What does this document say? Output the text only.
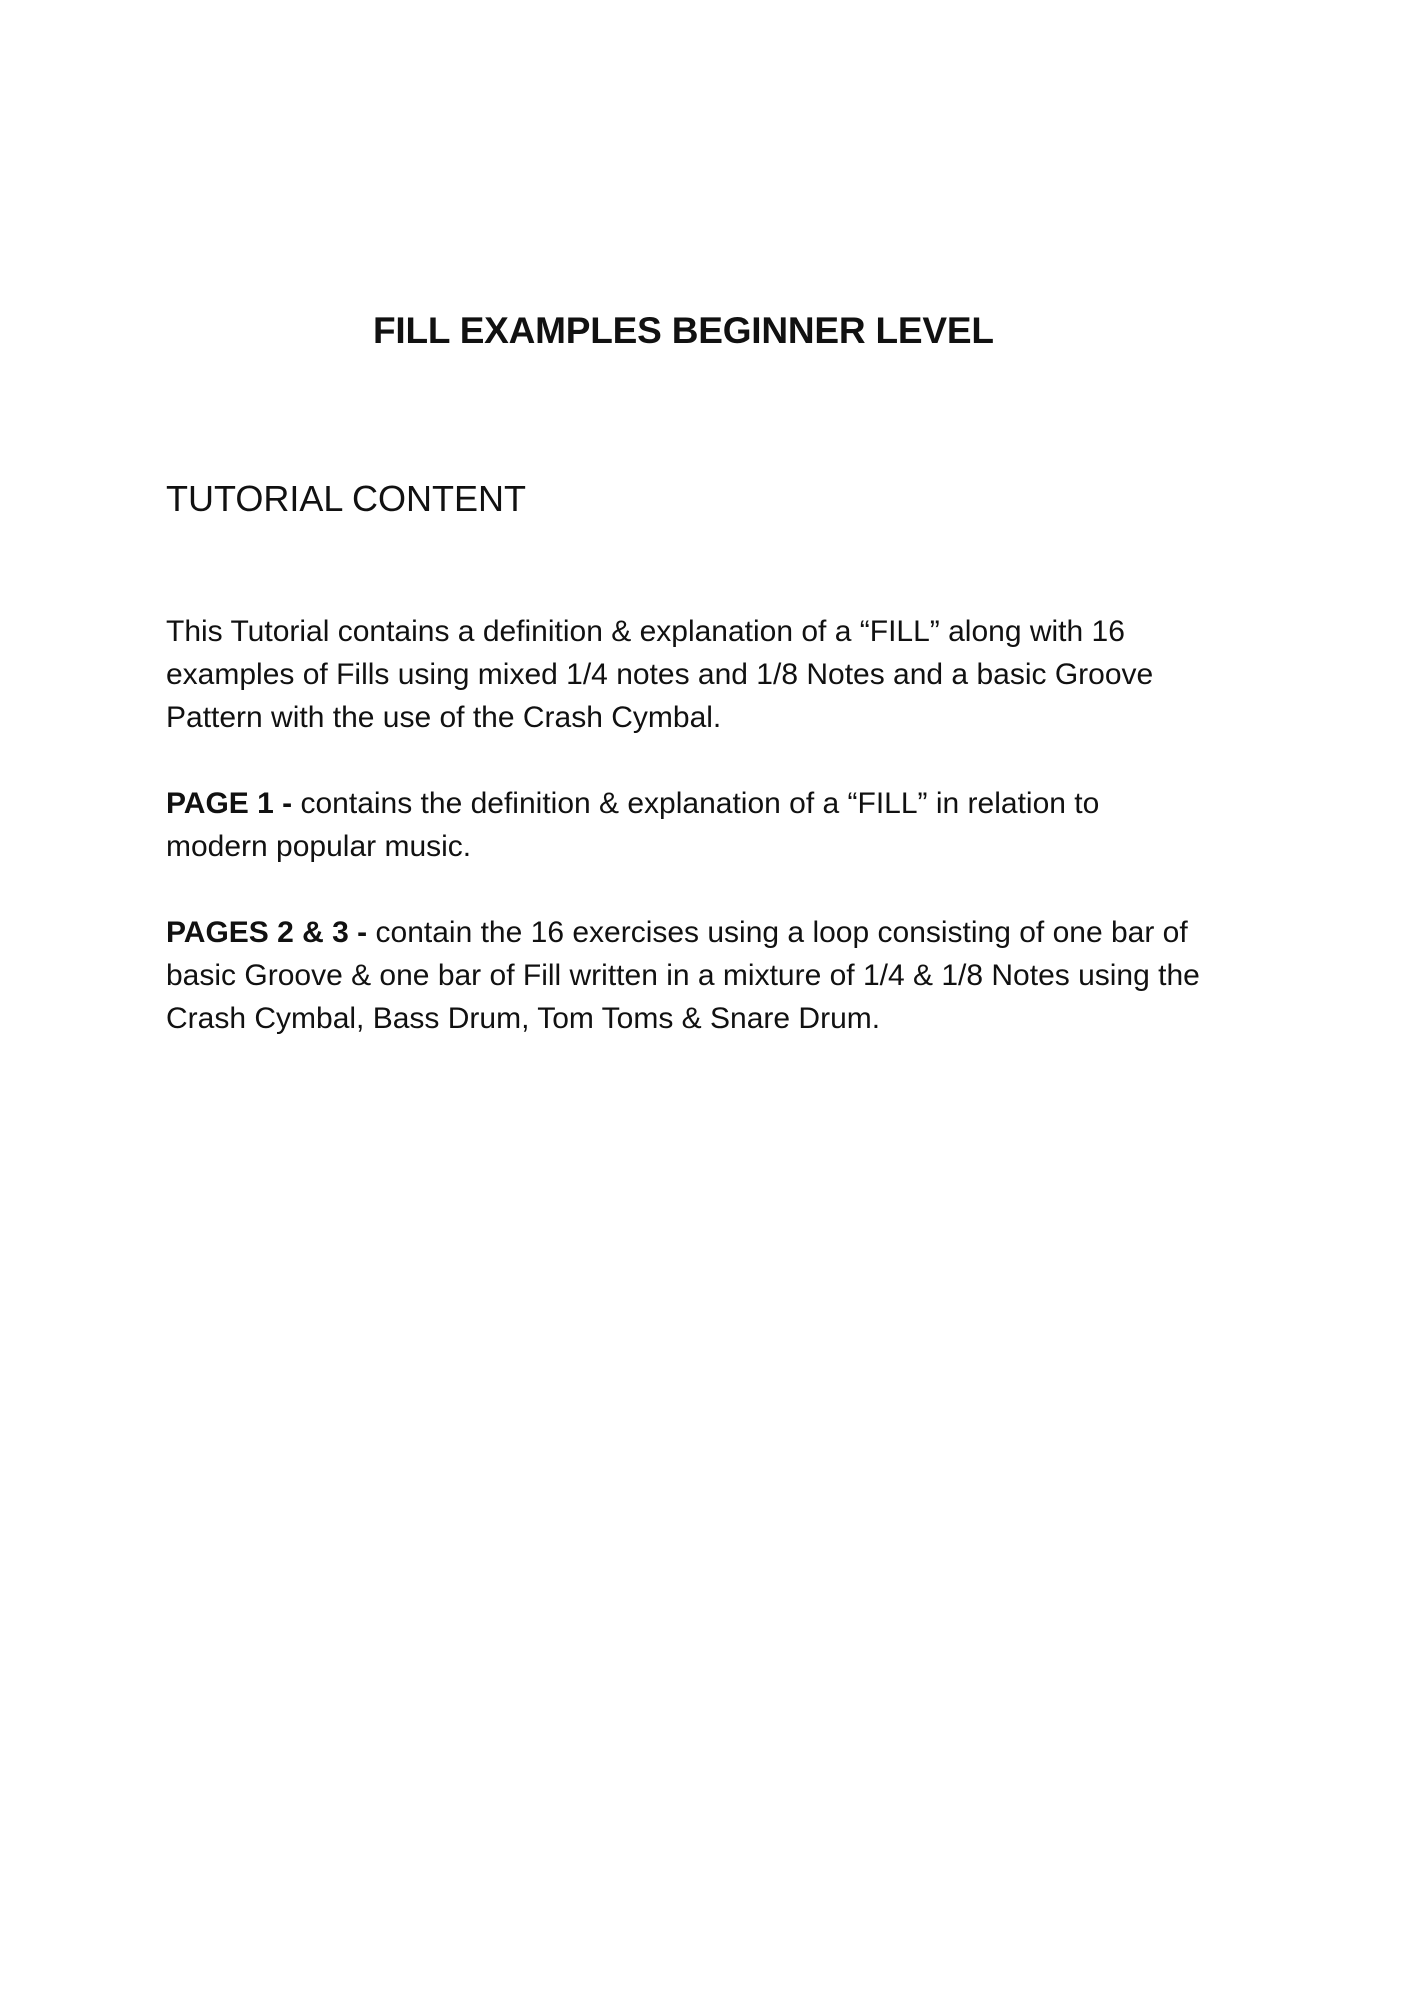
FILL EXAMPLES BEGINNER LEVEL
TUTORIAL CONTENT

This Tutorial contains a definition & explanation of a “FILL” along with 16 examples of Fills using mixed 1/4 notes and 1/8 Notes and a basic Groove Pattern with the use of the Crash Cymbal.

PAGE 1 - contains the definition & explanation of a “FILL” in relation to modern popular music.

PAGES 2 & 3 - contain the 16 exercises using a loop consisting of one bar of basic Groove & one bar of Fill written in a mixture of 1/4 & 1/8 Notes using the Crash Cymbal, Bass Drum, Tom Toms & Snare Drum.
